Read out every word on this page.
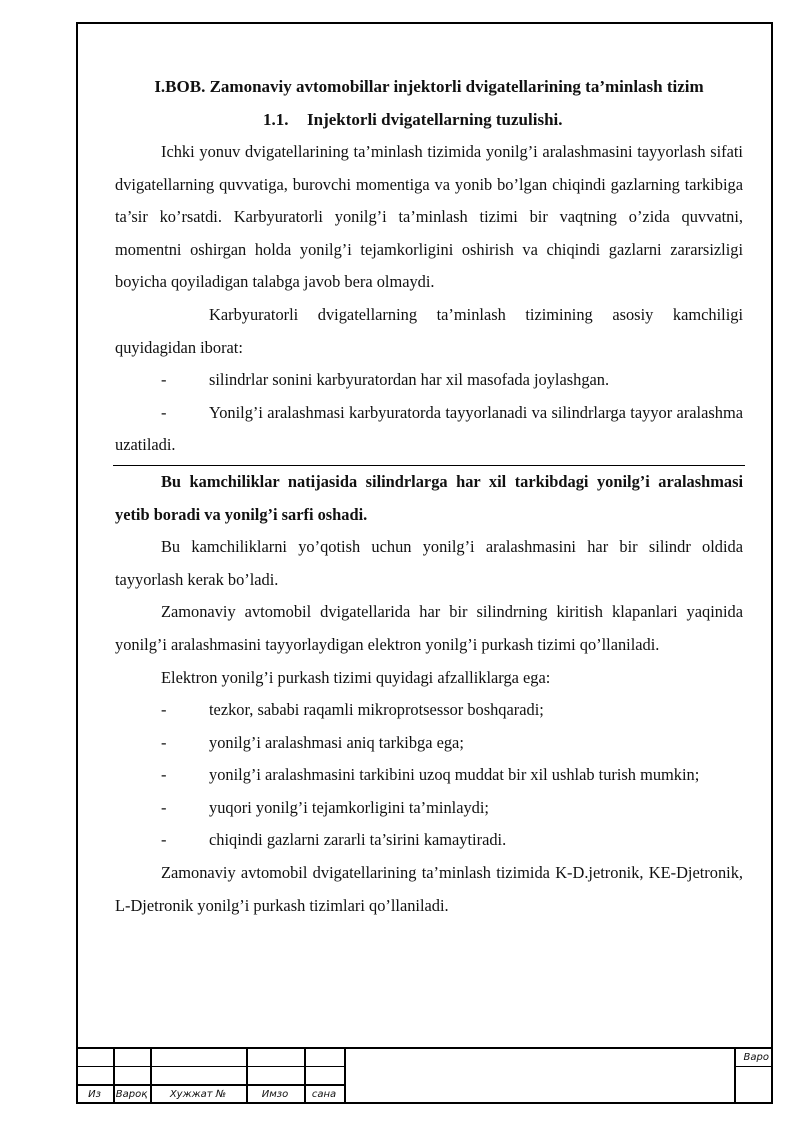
I.BOB. Zamonaviy avtomobillar injektorli dvigatellarining ta’minlash tizim
1.1. Injektorli dvigatellarning tuzulishi.

Ichki yonuv dvigatellarining ta’minlash tizimida yonilg’i aralashmasini tayyorlash sifati dvigatellarning quvvatiga, burovchi momentiga va yonib bo’lgan chiqindi gazlarning tarkibiga ta’sir ko’rsatdi. Karbyuratorli yonilg’i ta’minlash tizimi bir vaqtning o’zida quvvatni, momentni oshirgan holda yonilg’i tejamkorligini oshirish va chiqindi gazlarni zararsizligi boyicha qoyiladigan talabga javob bera olmaydi.

Karbyuratorli dvigatellarning ta’minlash tizimining asosiy kamchiligi quyidagidan iborat:

-	silindrlar sonini karbyuratordan har xil masofada joylashgan.

-	Yonilg’i aralashmasi karbyuratorda tayyorlanadi va silindrlarga tayyor aralashma uzatiladi.

Bu kamchiliklar natijasida silindrlarga har xil tarkibdagi yonilg’i aralashmasi yetib boradi va yonilg’i sarfi oshadi.

Bu kamchiliklarni yo’qotish uchun yonilg’i aralashmasini har bir silindr oldida tayyorlash kerak bo’ladi.

Zamonaviy avtomobil dvigatellarida har bir silindrning kiritish klapanlari yaqinida yonilg’i aralashmasini tayyorlaydigan elektron yonilg’i purkash tizimi qo’llaniladi.

Elektron yonilg’i purkash tizimi quyidagi afzalliklarga ega:

-	tezkor, sababi raqamli mikroprotsessor boshqaradi;

-	yonilg’i aralashmasi aniq tarkibga ega;

-	yonilg’i aralashmasini tarkibini uzoq muddat bir xil ushlab turish mumkin;

-	yuqori yonilg’i tejamkorligini ta’minlaydi;

-	chiqindi gazlarni zararli ta’sirini kamaytiradi.

Zamonaviy avtomobil dvigatellarining ta’minlash tizimida K-D.jetronik, KE-Djetronik, L-Djetronik yonilg’i purkash tizimlari qo’llaniladi.

Из	Вароқ	Хужжат №	Имзо	сана
Варо
